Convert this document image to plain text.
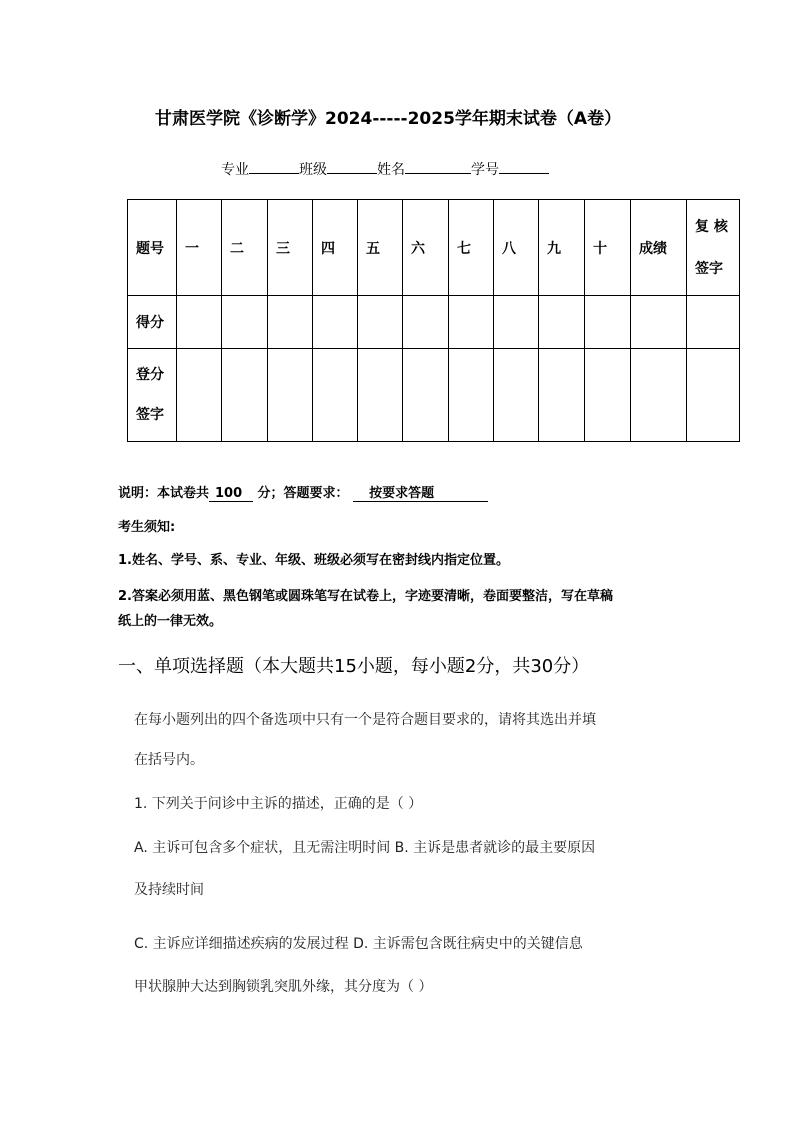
甘肃医学院《诊断学》2024-----2025学年期末试卷（A卷）
专业	班级	姓名	学号
题号	一	二	三	四	五	六	七	八	九	十	成绩	复 核 签字
得分												
登分 签字												
说明：本试卷共 100 分；答题要求： 按要求答题
考生须知:
1.姓名、学号、系、专业、年级、班级必须写在密封线内指定位置。
2.答案必须用蓝、黑色钢笔或圆珠笔写在试卷上，字迹要清晰，卷面要整洁，写在草稿
纸上的一律无效。
一、单项选择题（本大题共15小题，每小题2分，共30分）
在每小题列出的四个备选项中只有一个是符合题目要求的，请将其选出并填
在括号内。
1. 下列关于问诊中主诉的描述，正确的是（ ）
A. 主诉可包含多个症状，且无需注明时间 B. 主诉是患者就诊的最主要原因
及持续时间
C. 主诉应详细描述疾病的发展过程 D. 主诉需包含既往病史中的关键信息
甲状腺肿大达到胸锁乳突肌外缘，其分度为（ ）
